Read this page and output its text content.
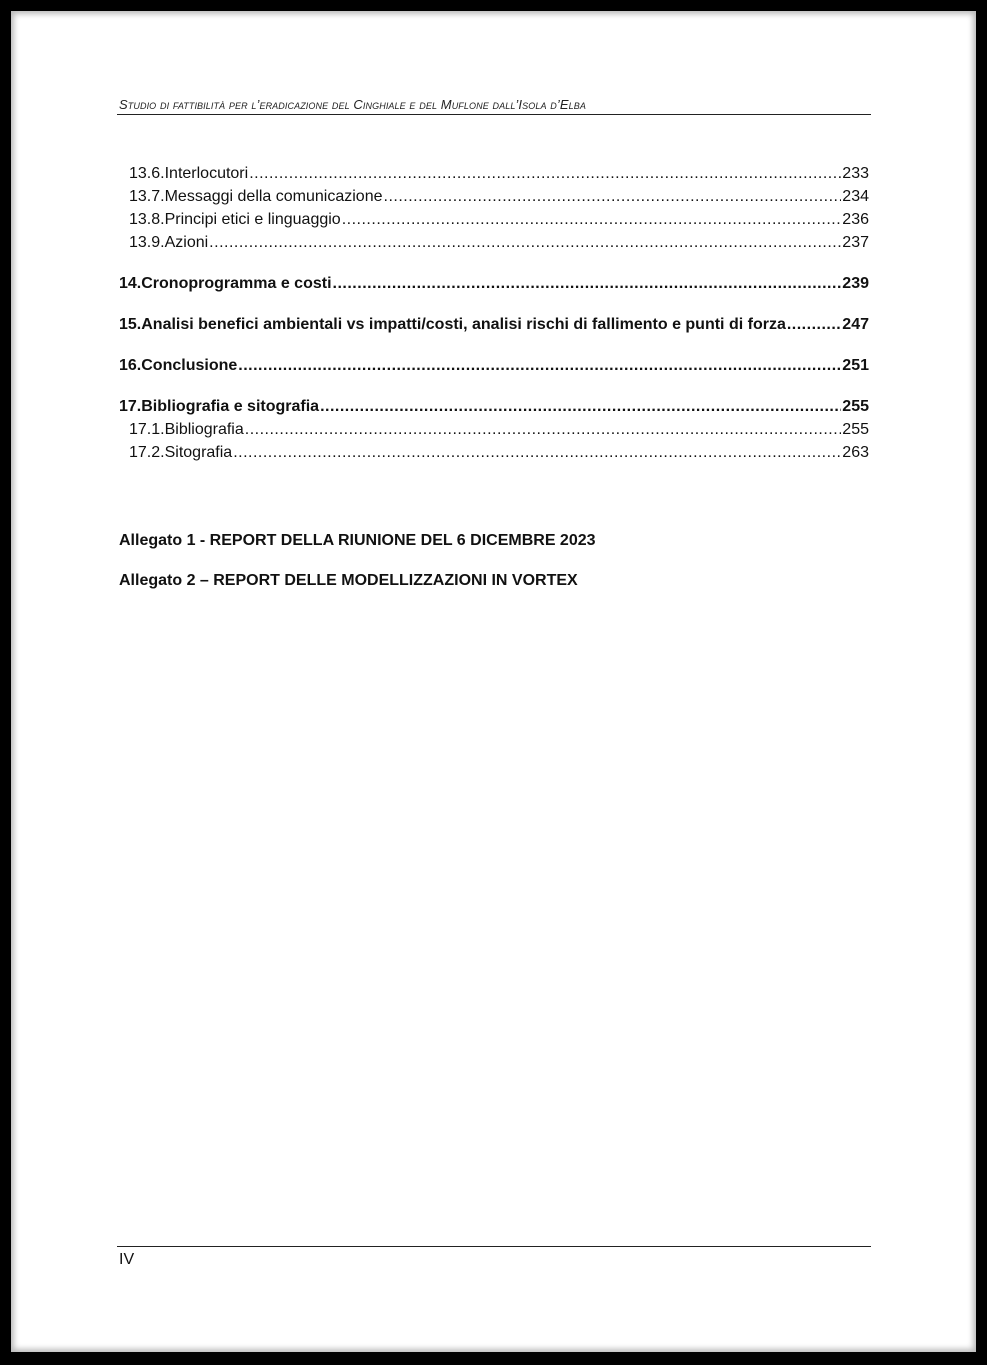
Studio di fattibilità per l’eradicazione del Cinghiale e del Muflone dall’Isola d’Elba
13.6. Interlocutori .....	233
13.7. Messaggi della comunicazione .....	234
13.8. Principi etici e linguaggio .....	236
13.9. Azioni .....	237
14. Cronoprogramma e costi .....	239
15. Analisi benefici ambientali vs impatti/costi, analisi rischi di fallimento e punti di forza .....	247
16. Conclusione .....	251
17. Bibliografia e sitografia .....	255
17.1. Bibliografia .....	255
17.2. Sitografia .....	263
Allegato 1 - REPORT DELLA RIUNIONE DEL 6 DICEMBRE 2023
Allegato 2 – REPORT DELLE MODELLIZZAZIONI IN VORTEX
IV
